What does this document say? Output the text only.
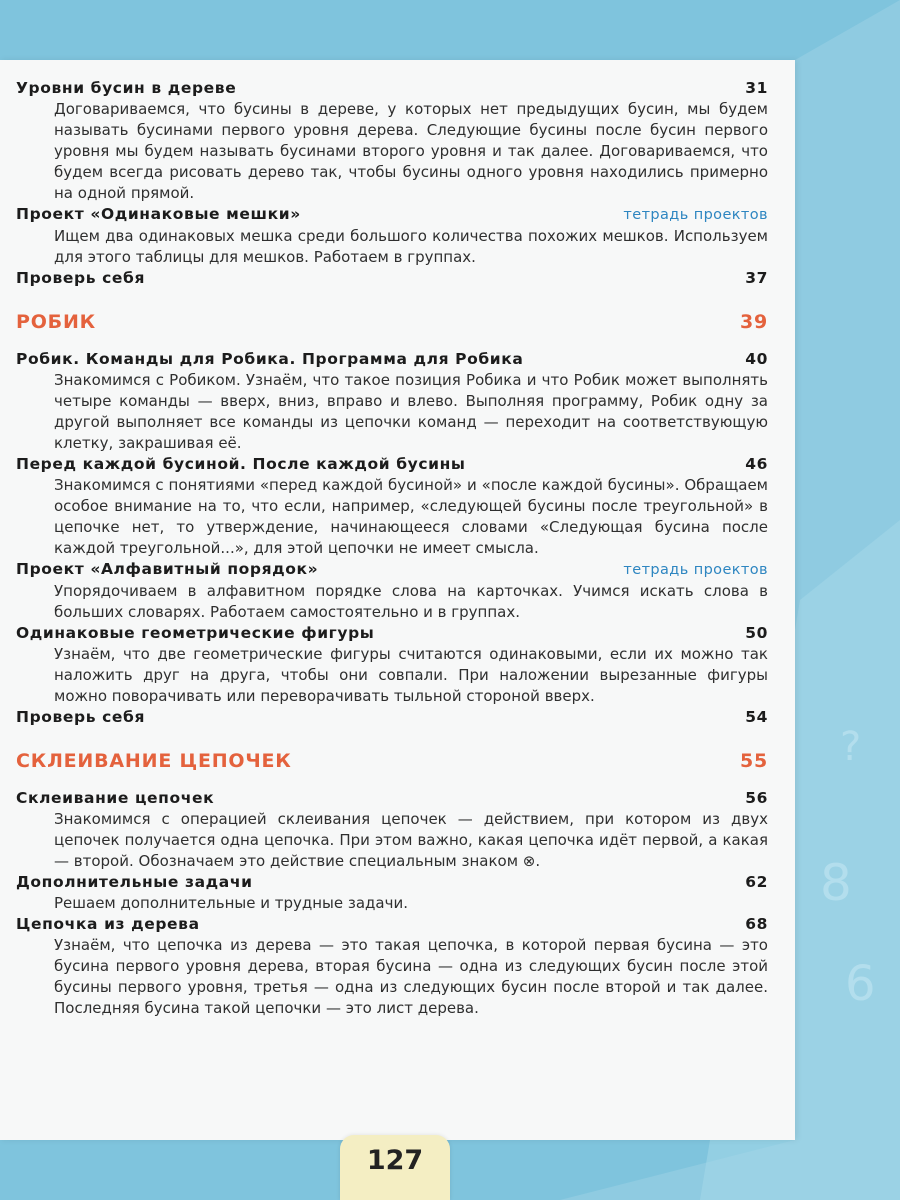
?
8
6
Уровни бусин в дереве	31

Договариваемся, что бусины в дереве, у которых нет предыдущих бусин, мы будем называть бусинами первого уровня дерева. Следующие бусины после бусин первого уровня мы будем называть бусинами второго уровня и так далее. Договариваемся, что будем всегда рисовать дерево так, чтобы бусины одного уровня находились примерно на одной прямой.

Проект «Одинаковые мешки»	тетрадь проектов

Ищем два одинаковых мешка среди большого количества похожих мешков. Используем для этого таблицы для мешков. Работаем в группах.

Проверь себя	37
РОБИК	39
Робик. Команды для Робика. Программа для Робика	40

Знакомимся с Робиком. Узнаём, что такое позиция Робика и что Робик может выполнять четыре команды — вверх, вниз, вправо и влево. Выполняя программу, Робик одну за другой выполняет все команды из цепочки команд — переходит на соответствующую клетку, закрашивая её.

Перед каждой бусиной. После каждой бусины	46

Знакомимся с понятиями «перед каждой бусиной» и «после каждой бусины». Обращаем особое внимание на то, что если, например, «следующей бусины после треугольной» в цепочке нет, то утверждение, начинающееся словами «Следующая бусина после каждой треугольной...», для этой цепочки не имеет смысла.

Проект «Алфавитный порядок»	тетрадь проектов

Упорядочиваем в алфавитном порядке слова на карточках. Учимся искать слова в больших словарях. Работаем самостоятельно и в группах.

Одинаковые геометрические фигуры	50

Узнаём, что две геометрические фигуры считаются одинаковыми, если их можно так наложить друг на друга, чтобы они совпали. При наложении вырезанные фигуры можно поворачивать или переворачивать тыльной стороной вверх.

Проверь себя	54
СКЛЕИВАНИЕ ЦЕПОЧЕК	55
Склеивание цепочек	56

Знакомимся с операцией склеивания цепочек — действием, при котором из двух цепочек получается одна цепочка. При этом важно, какая цепочка идёт первой, а какая — второй. Обозначаем это действие специальным знаком ⊗.

Дополнительные задачи	62

Решаем дополнительные и трудные задачи.

Цепочка из дерева	68

Узнаём, что цепочка из дерева — это такая цепочка, в которой первая бусина — это бусина первого уровня дерева, вторая бусина — одна из следующих бусин после этой бусины первого уровня, третья — одна из следующих бусин после второй и так далее. Последняя бусина такой цепочки — это лист дерева.

127
